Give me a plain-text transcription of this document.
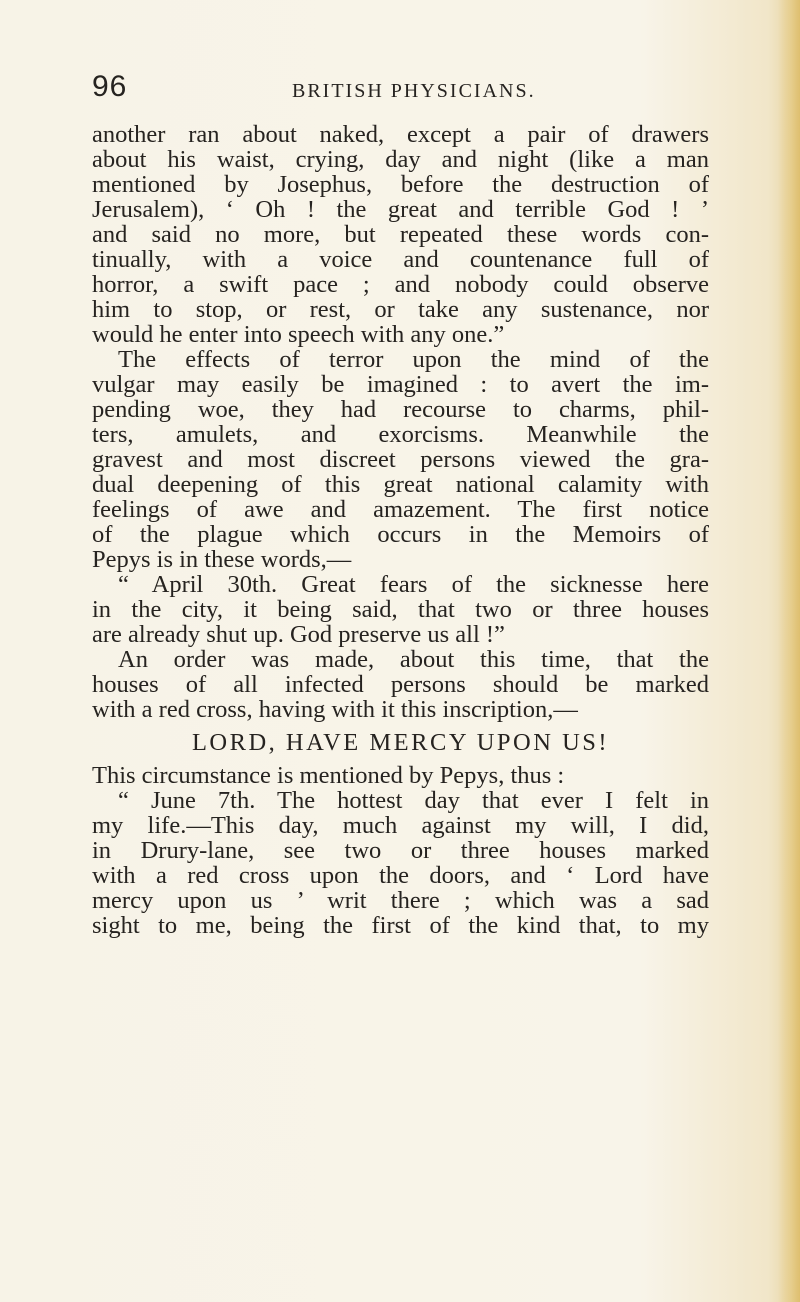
96	BRITISH PHYSICIANS.
another ran about naked, except a pair of drawers
about his waist, crying, day and night (like a man
mentioned by Josephus, before the destruction of
Jerusalem), ‘ Oh ! the great and terrible God ! ’
and said no more, but repeated these words con-
tinually, with a voice and countenance full of
horror, a swift pace ; and nobody could observe
him to stop, or rest, or take any sustenance, nor
would he enter into speech with any one.”
The effects of terror upon the mind of the
vulgar may easily be imagined : to avert the im-
pending woe, they had recourse to charms, phil-
ters, amulets, and exorcisms. Meanwhile the
gravest and most discreet persons viewed the gra-
dual deepening of this great national calamity with
feelings of awe and amazement. The first notice
of the plague which occurs in the Memoirs of
Pepys is in these words,—
“ April 30th. Great fears of the sicknesse here
in the city, it being said, that two or three houses
are already shut up. God preserve us all !”
An order was made, about this time, that the
houses of all infected persons should be marked
with a red cross, having with it this inscription,—
LORD, HAVE MERCY UPON US!
This circumstance is mentioned by Pepys, thus :
“ June 7th. The hottest day that ever I felt in
my life.—This day, much against my will, I did,
in Drury-lane, see two or three houses marked
with a red cross upon the doors, and ‘ Lord have
mercy upon us ’ writ there ; which was a sad
sight to me, being the first of the kind that, to my
